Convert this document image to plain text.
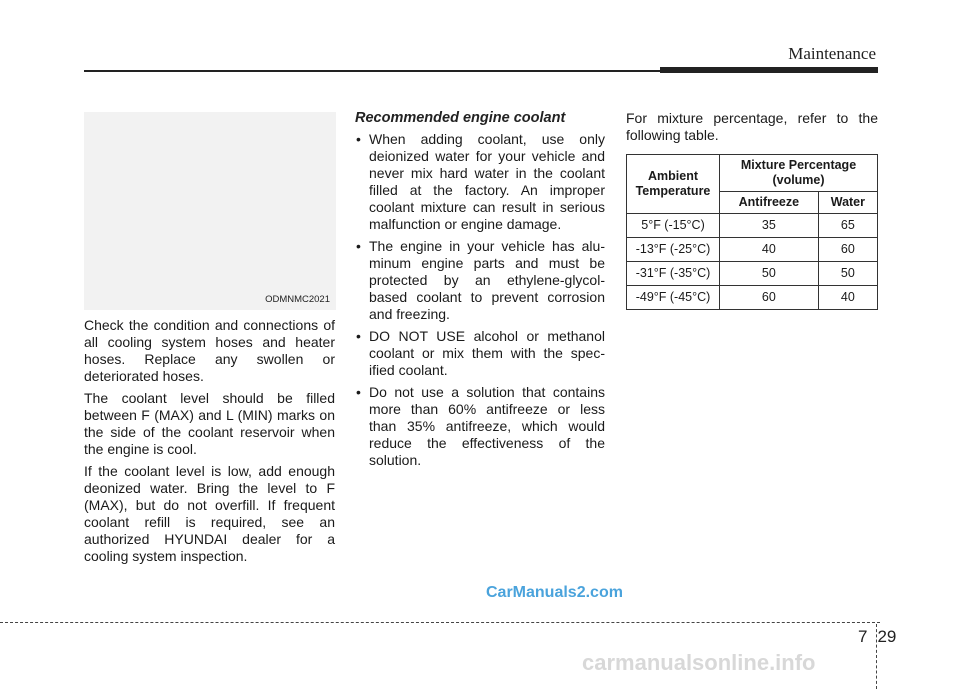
Maintenance
ODMNMC2021

Check the condition and connections of all cooling system hoses and heater hoses. Replace any swollen or deteriorated hoses.

The coolant level should be filled between F (MAX) and L (MIN) marks on the side of the coolant reservoir when the engine is cool.

If the coolant level is low, add enough deonized water. Bring the level to F (MAX), but do not overfill. If frequent coolant refill is required, see an authorized HYUNDAI dealer for a cooling system inspection.

Recommended engine coolant
• When adding coolant, use only deionized water for your vehicle and never mix hard water in the coolant filled at the factory. An improper coolant mixture can result in serious malfunction or engine damage.
• The engine in your vehicle has alu-minum engine parts and must be protected by an ethylene-glycol-based coolant to prevent corrosion and freezing.
• DO NOT USE alcohol or methanol coolant or mix them with the spec-ified coolant.
• Do not use a solution that contains more than 60% antifreeze or less than 35% antifreeze, which would reduce the effectiveness of the solution.

For mixture percentage, refer to the following table.

Ambient Temperature	Mixture Percentage (volume)	
	Antifreeze	Water
5°F (-15°C)	35	65
-13°F (-25°C)	40	60
-31°F (-35°C)	50	50
-49°F (-45°C)	60	40
CarManuals2.com
7 29
carmanualsonline.info
